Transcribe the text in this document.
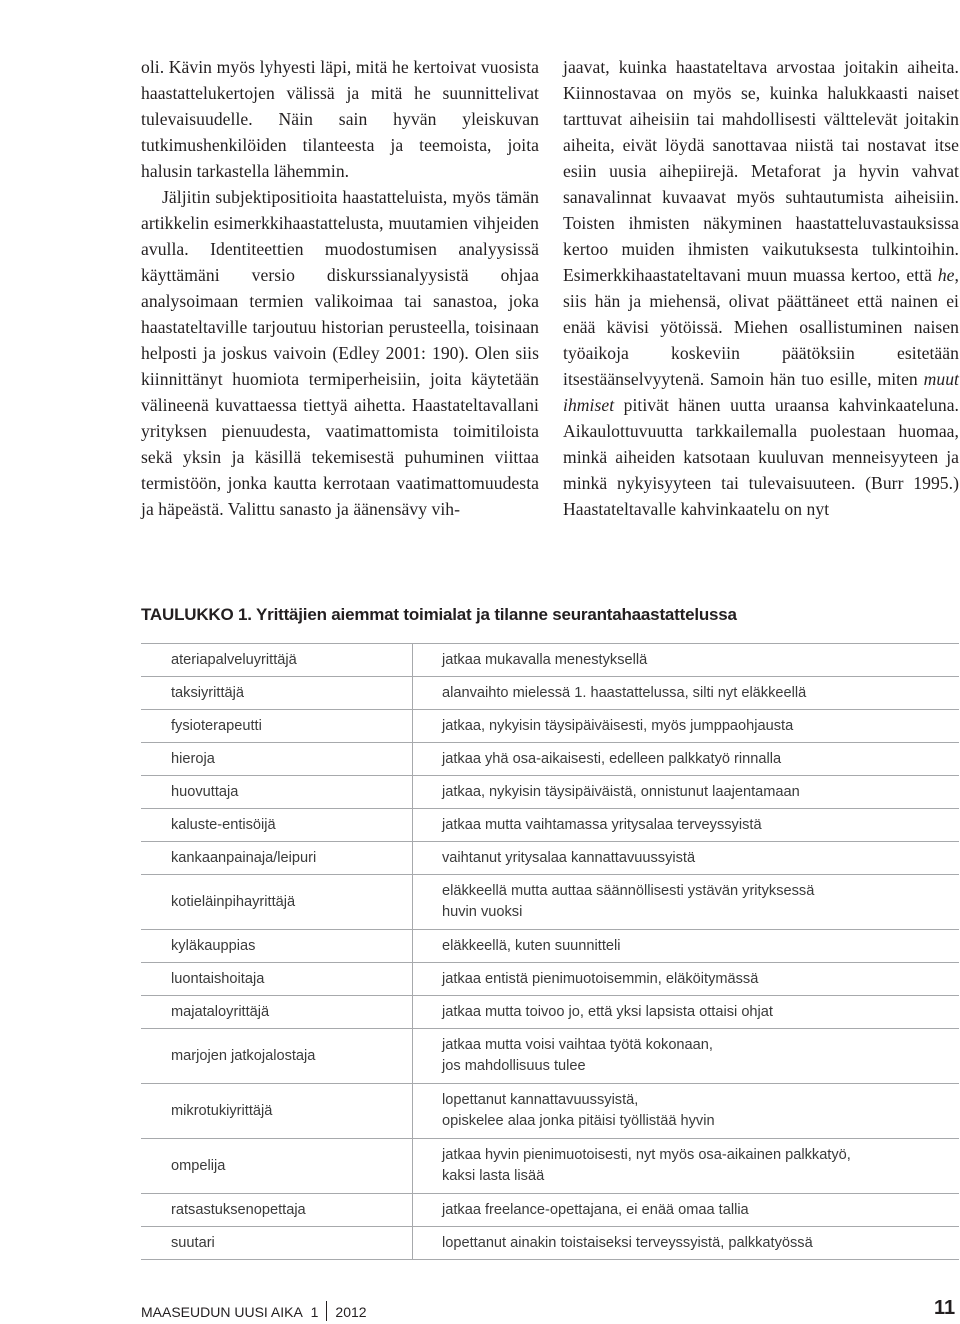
oli. Kävin myös lyhyesti läpi, mitä he kertoivat vuosista haastattelukertojen välissä ja mitä he suunnittelivat tulevaisuudelle. Näin sain hyvän yleiskuvan tutkimushenkilöiden tilanteesta ja teemoista, joita halusin tarkastella lähemmin.

Jäljitin subjektipositioita haastatteluista, myös tämän artikkelin esimerkkihaastattelusta, muutamien vihjeiden avulla. Identiteettien muodostumisen analyysissä käyttämäni versio diskurssianalyysistä ohjaa analysoimaan termien valikoimaa tai sanastoa, joka haastateltaville tarjoutuu historian perusteella, toisinaan helposti ja joskus vaivoin (Edley 2001: 190). Olen siis kiinnittänyt huomiota termiperheisiin, joita käytetään välineenä kuvattaessa tiettyä aihetta. Haastateltavallani yrityksen pienuudesta, vaatimattomista toimitiloista sekä yksin ja käsillä tekemisestä puhuminen viittaa termistöön, jonka kautta kerrotaan vaatimattomuudesta ja häpeästä. Valittu sanasto ja äänensävy vih-

jaavat, kuinka haastateltava arvostaa joitakin aiheita. Kiinnostavaa on myös se, kuinka halukkaasti naiset tarttuvat aiheisiin tai mahdollisesti välttelevät joitakin aiheita, eivät löydä sanottavaa niistä tai nostavat itse esiin uusia aihepiirejä. Metaforat ja hyvin vahvat sanavalinnat kuvaavat myös suhtautumista aiheisiin. Toisten ihmisten näkyminen haastatteluvastauksissa kertoo muiden ihmisten vaikutuksesta tulkintoihin. Esimerkkihaastateltavani muun muassa kertoo, että he, siis hän ja miehensä, olivat päättäneet että nainen ei enää kävisi yötöissä. Miehen osallistuminen naisen työaikoja koskeviin päätöksiin esitetään itsestäänselvyytenä. Samoin hän tuo esille, miten muut ihmiset pitivät hänen uutta uraansa kahvinkaateluna. Aikaulottuvuutta tarkkailemalla puolestaan huomaa, minkä aiheiden katsotaan kuuluvan menneisyyteen ja minkä nykyisyyteen tai tulevaisuuteen. (Burr 1995.) Haastateltavalle kahvinkaatelu on nyt

TAULUKKO 1. Yrittäjien aiemmat toimialat ja tilanne seurantahaastattelussa
ateriapalveluyrittäjä	jatkaa mukavalla menestyksellä
taksiyrittäjä	alanvaihto mielessä 1. haastattelussa, silti nyt eläkkeellä
fysioterapeutti	jatkaa, nykyisin täysipäiväisesti, myös jumppaohjausta
hieroja	jatkaa yhä osa-aikaisesti, edelleen palkkatyö rinnalla
huovuttaja	jatkaa, nykyisin täysipäiväistä, onnistunut laajentamaan
kaluste-entisöijä	jatkaa mutta vaihtamassa yritysalaa terveyssyistä
kankaanpainaja/leipuri	vaihtanut yritysalaa kannattavuussyistä
kotieläinpihayrittäjä	eläkkeellä mutta auttaa säännöllisesti ystävän yrityksessä
huvin vuoksi
kyläkauppias	eläkkeellä, kuten suunnitteli
luontaishoitaja	jatkaa entistä pienimuotoisemmin, eläköitymässä
majataloyrittäjä	jatkaa mutta toivoo jo, että yksi lapsista ottaisi ohjat
marjojen jatkojalostaja	jatkaa mutta voisi vaihtaa työtä kokonaan,
jos mahdollisuus tulee
mikrotukiyrittäjä	lopettanut kannattavuussyistä,
opiskelee alaa jonka pitäisi työllistää hyvin
ompelija	jatkaa hyvin pienimuotoisesti, nyt myös osa-aikainen palkkatyö,
kaksi lasta lisää
ratsastuksenopettaja	jatkaa freelance-opettajana, ei enää omaa tallia
suutari	lopettanut ainakin toistaiseksi terveyssyistä, palkkatyössä
MAASEUDUN UUSI AIKA 1 2012	11
